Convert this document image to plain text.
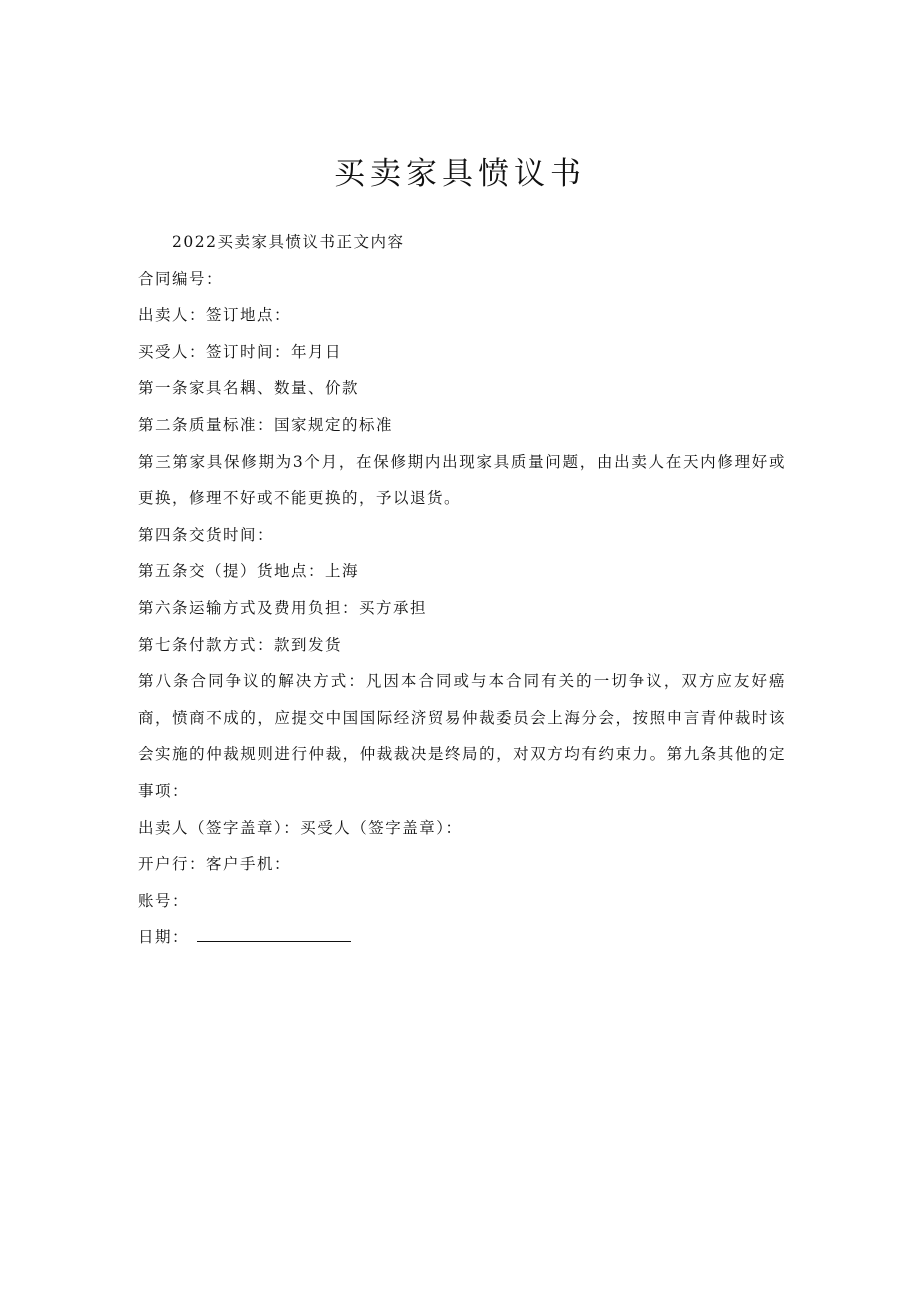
买卖家具愤议书

2022买卖家具愤议书正文内容

合同编号：

出卖人：签订地点：

买受人：签订时间：年月日

第一条家具名耦、数量、价款

第二条质量标准：国家规定的标准

第三第家具保修期为3个月，在保修期内出现家具质量问题，由出卖人在天内修理好或更换，修理不好或不能更换的，予以退货。

第四条交货时间：

第五条交（提）货地点：上海

第六条运输方式及费用负担：买方承担

第七条付款方式：款到发货

第八条合同争议的解决方式：凡因本合同或与本合同有关的一切争议，双方应友好癌商，愤商不成的，应提交中国国际经济贸易仲裁委员会上海分会，按照申言青仲裁时该会实施的仲裁规则进行仲裁，仲裁裁决是终局的，对双方均有约束力。第九条其他的定事项：

出卖人（签字盖章）：买受人（签字盖章）：

开户行：客户手机：

账号：

日期：
